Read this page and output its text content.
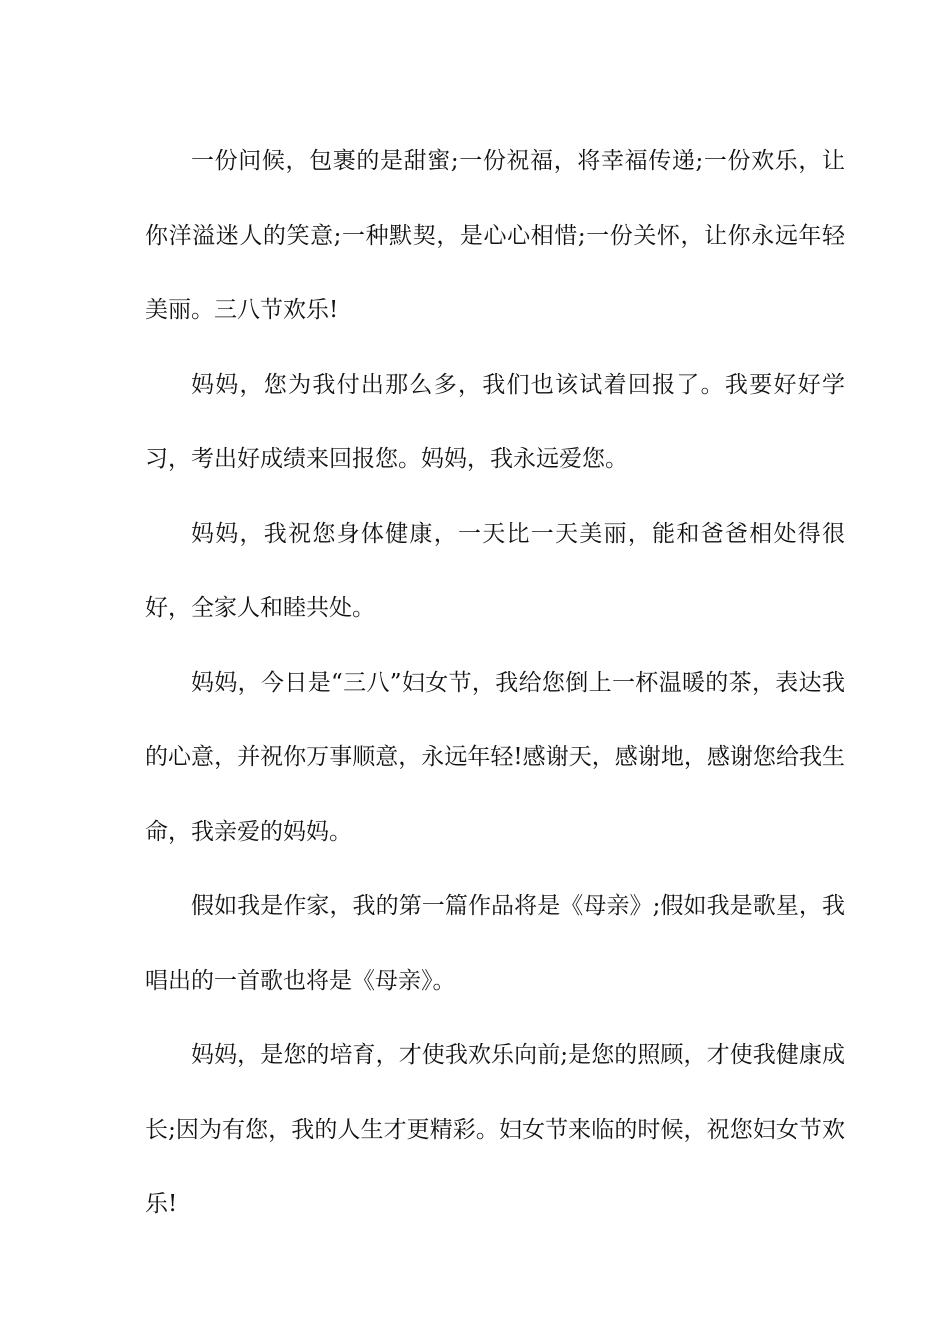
一份问候，包裹的是甜蜜;一份祝福，将幸福传递;一份欢乐，让你洋溢迷人的笑意;一种默契，是心心相惜;一份关怀，让你永远年轻美丽。三八节欢乐!

妈妈，您为我付出那么多，我们也该试着回报了。我要好好学习，考出好成绩来回报您。妈妈，我永远爱您。

妈妈，我祝您身体健康，一天比一天美丽，能和爸爸相处得很好，全家人和睦共处。

妈妈，今日是“三八”妇女节，我给您倒上一杯温暖的茶，表达我的心意，并祝你万事顺意，永远年轻!感谢天，感谢地，感谢您给我生命，我亲爱的妈妈。

假如我是作家，我的第一篇作品将是《母亲》;假如我是歌星，我唱出的一首歌也将是《母亲》。

妈妈，是您的培育，才使我欢乐向前;是您的照顾，才使我健康成长;因为有您，我的人生才更精彩。妇女节来临的时候，祝您妇女节欢乐!
